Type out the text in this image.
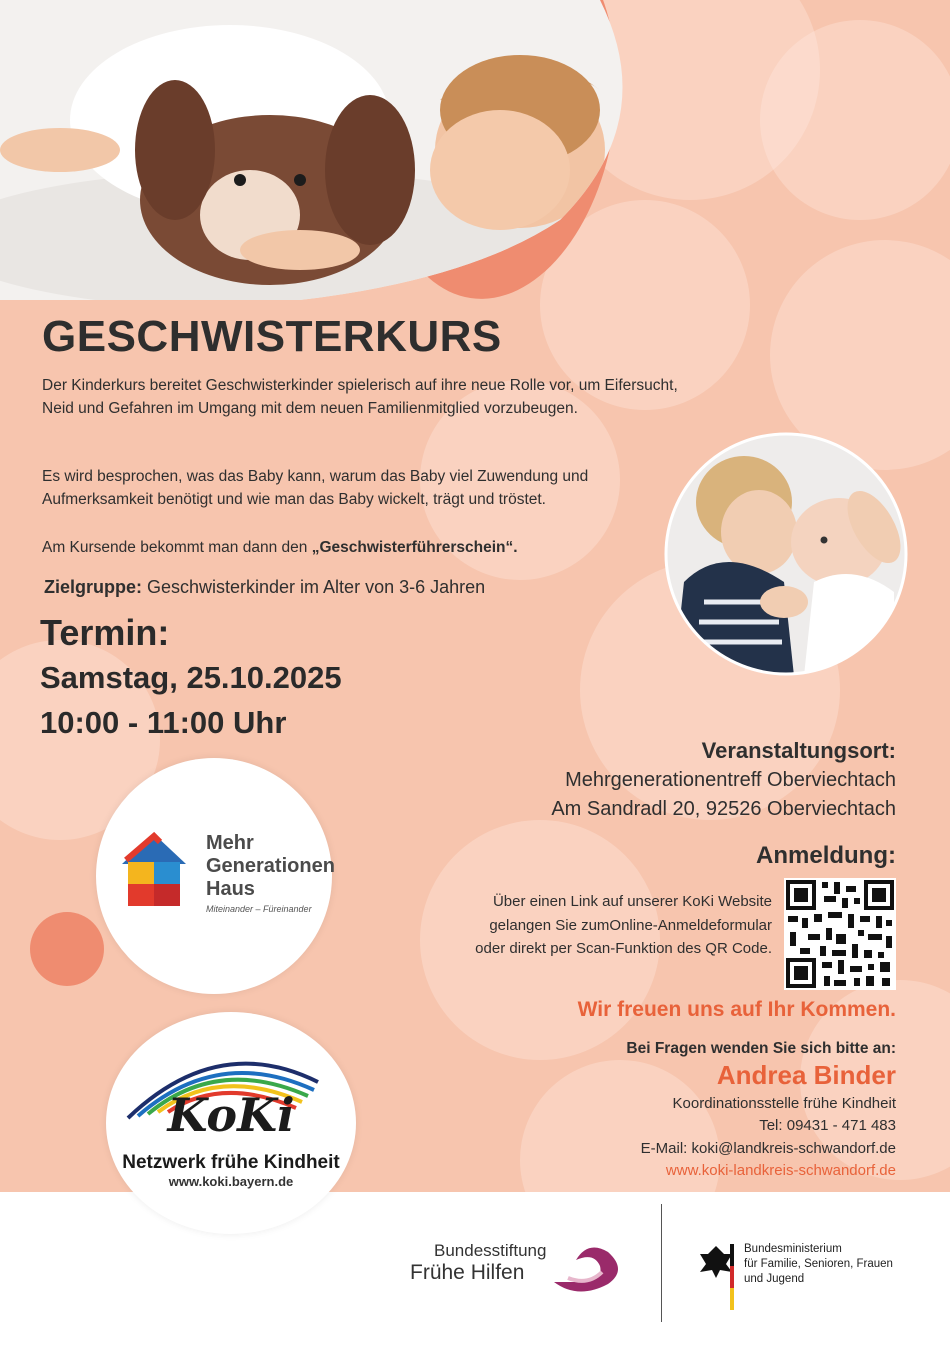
GESCHWISTERKURS

Der Kinderkurs bereitet Geschwisterkinder spielerisch auf ihre neue Rolle vor, um Eifersucht, Neid und Gefahren im Umgang mit dem neuen Familienmitglied vorzubeugen.

Es wird besprochen, was das Baby kann, warum das Baby viel Zuwendung und Aufmerksamkeit benötigt und wie man das Baby wickelt, trägt und tröstet.

Am Kursende bekommt man dann den „Geschwisterführerschein“.

Zielgruppe: Geschwisterkinder im Alter von 3-6 Jahren
Termin:
Samstag, 25.10.2025
10:00 - 11:00 Uhr
Veranstaltungsort:
Mehrgenerationentreff Oberviechtach
Am Sandradl 20, 92526 Oberviechtach
Anmeldung:
Über einen Link auf unserer KoKi Website
gelangen Sie zumOnline-Anmeldeformular
oder direkt per Scan-Funktion des QR Code.
Wir freuen uns auf Ihr Kommen.
Bei Fragen wenden Sie sich bitte an:
Andrea Binder
Koordinationsstelle frühe Kindheit
Tel: 09431 - 471 483
E-Mail: koki@landkreis-schwandorf.de
www.koki-landkreis-schwandorf.de
Mehr
Generationen
Haus
Miteinander – Füreinander
KoKi
Netzwerk frühe Kindheit
www.koki.bayern.de
Bundesstiftung
Frühe Hilfen
Bundesministerium
für Familie, Senioren, Frauen
und Jugend
